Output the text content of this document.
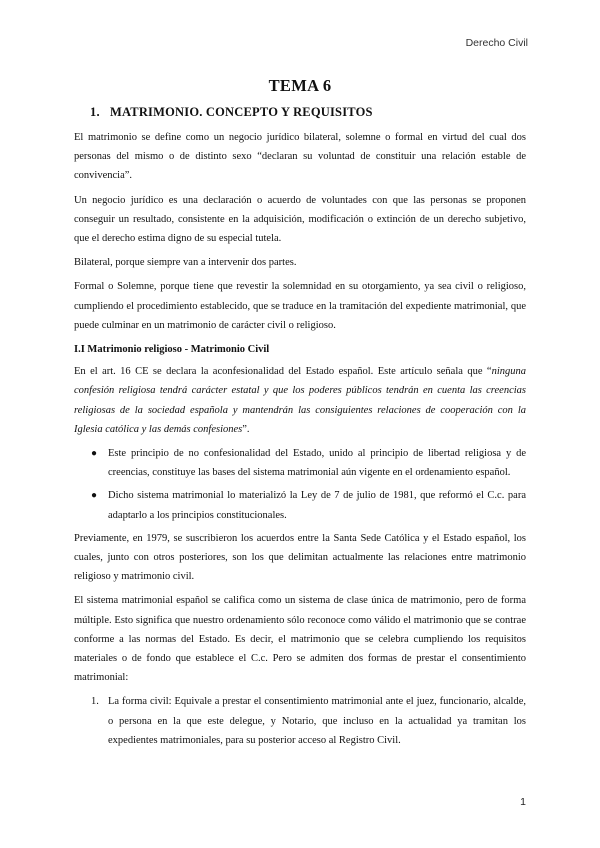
Derecho Civil
TEMA 6
1. MATRIMONIO. CONCEPTO Y REQUISITOS

El matrimonio se define como un negocio jurídico bilateral, solemne o formal en virtud del cual dos personas del mismo o de distinto sexo “declaran su voluntad de constituir una relación estable de convivencia”.

Un negocio jurídico es una declaración o acuerdo de voluntades con que las personas se proponen conseguir un resultado, consistente en la adquisición, modificación o extinción de un derecho subjetivo, que el derecho estima digno de su especial tutela.

Bilateral, porque siempre van a intervenir dos partes.

Formal o Solemne, porque tiene que revestir la solemnidad en su otorgamiento, ya sea civil o religioso, cumpliendo el procedimiento establecido, que se traduce en la tramitación del expediente matrimonial, que puede culminar en un matrimonio de carácter civil o religioso.

I.I Matrimonio religioso - Matrimonio Civil

En el art. 16 CE se declara la aconfesionalidad del Estado español. Este artículo señala que “ninguna confesión religiosa tendrá carácter estatal y que los poderes públicos tendrán en cuenta las creencias religiosas de la sociedad española y mantendrán las consiguientes relaciones de cooperación con la Iglesia católica y las demás confesiones”.

● Este principio de no confesionalidad del Estado, unido al principio de libertad religiosa y de creencias, constituye las bases del sistema matrimonial aún vigente en el ordenamiento español.
● Dicho sistema matrimonial lo materializó la Ley de 7 de julio de 1981, que reformó el C.c. para adaptarlo a los principios constitucionales.

Previamente, en 1979, se suscribieron los acuerdos entre la Santa Sede Católica y el Estado español, los cuales, junto con otros posteriores, son los que delimitan actualmente las relaciones entre matrimonio religioso y matrimonio civil.

El sistema matrimonial español se califica como un sistema de clase única de matrimonio, pero de forma múltiple. Esto significa que nuestro ordenamiento sólo reconoce como válido el matrimonio que se contrae conforme a las normas del Estado. Es decir, el matrimonio que se celebra cumpliendo los requisitos materiales o de fondo que establece el C.c. Pero se admiten dos formas de prestar el consentimiento matrimonial:

1. La forma civil: Equivale a prestar el consentimiento matrimonial ante el juez, funcionario, alcalde, o persona en la que este delegue, y Notario, que incluso en la actualidad ya tramitan los expedientes matrimoniales, para su posterior acceso al Registro Civil.
1
